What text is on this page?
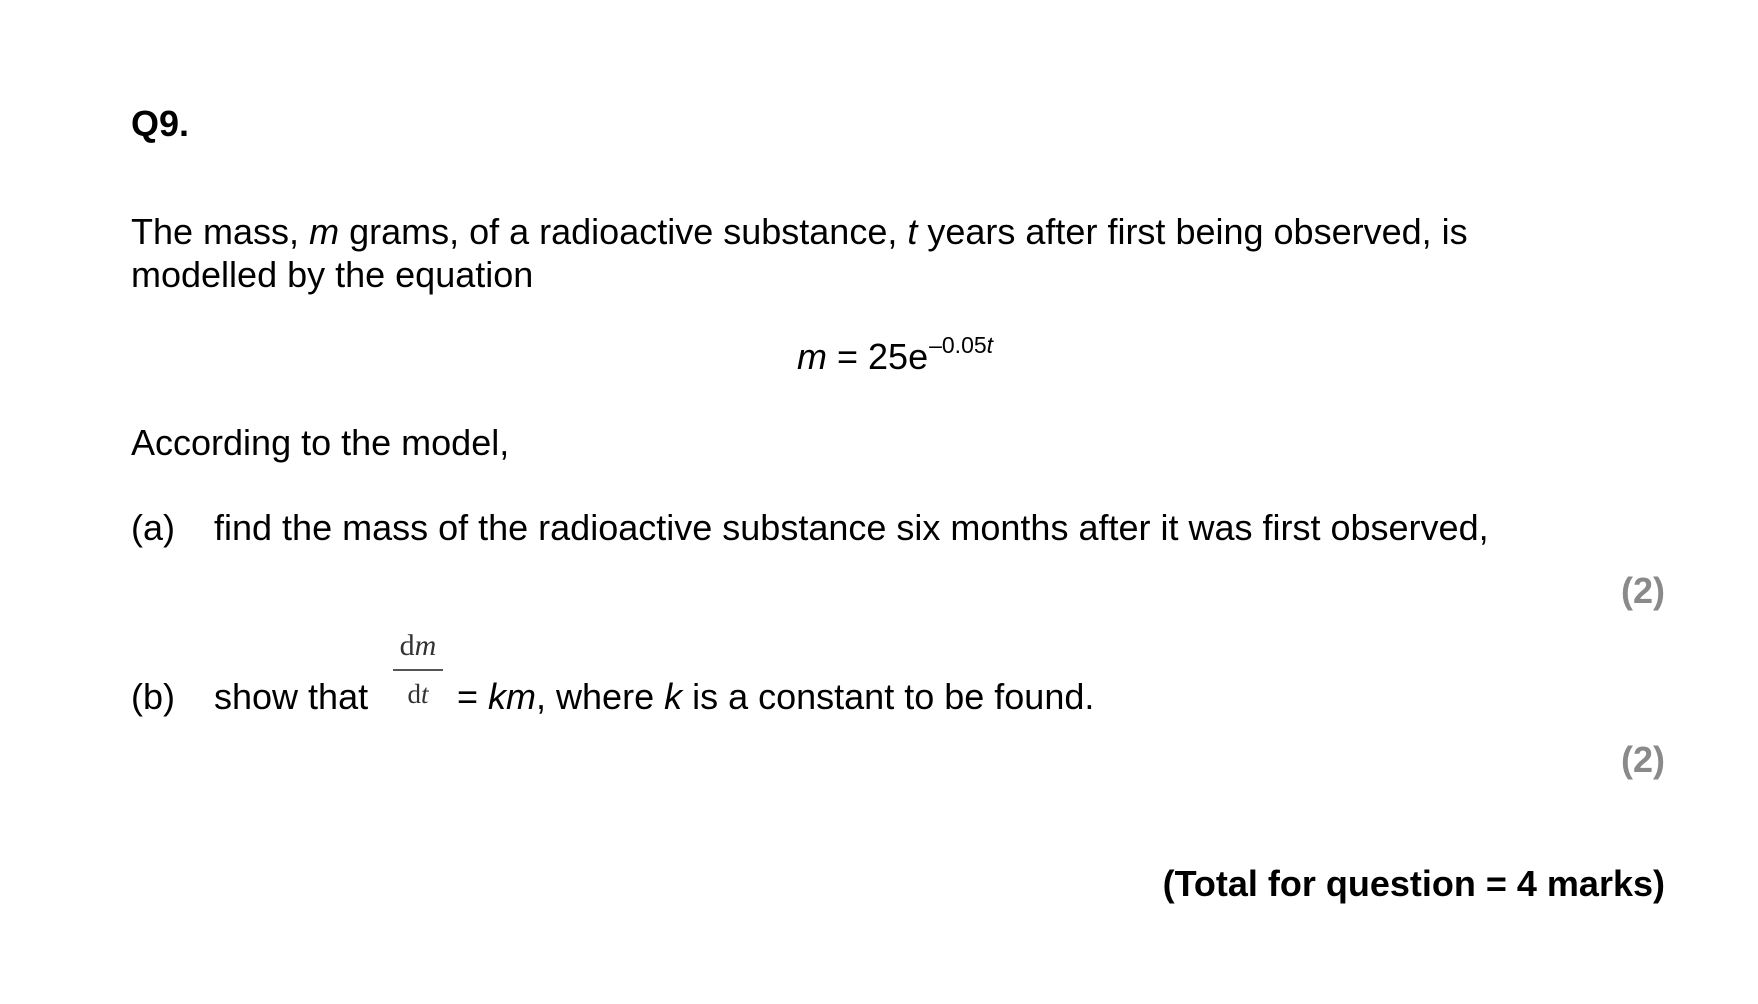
Q9.
The mass, m grams, of a radioactive substance, t years after first being observed, is
modelled by the equation
$m = 25e^{-0.05t}$
According to the model,
(a) find the mass of the radioactive substance six months after it was first observed,
(2)
(b) show that
dm
dt = km, where k is a constant to be found.
(2)
(Total for question = 4 marks)
